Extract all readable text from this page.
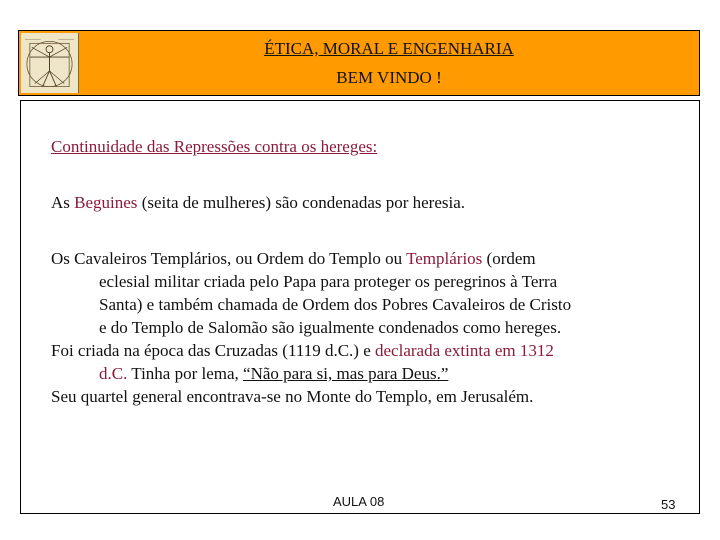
ÉTICA, MORAL E ENGENHARIA
BEM VINDO !
Continuidade das Repressões contra os hereges:
As Beguines (seita de mulheres) são condenadas por heresia.
Os Cavaleiros Templários, ou Ordem do Templo ou Templários (ordem
eclesial militar criada pelo Papa para proteger os peregrinos à Terra
Santa) e também chamada de Ordem dos Pobres Cavaleiros de Cristo
e do Templo de Salomão são igualmente condenados como hereges.
Foi criada na época das Cruzadas (1119 d.C.) e declarada extinta em 1312
d.C. Tinha por lema, “Não para si, mas para Deus.”
Seu quartel general encontrava-se no Monte do Templo, em Jerusalém.
AULA 08	53
